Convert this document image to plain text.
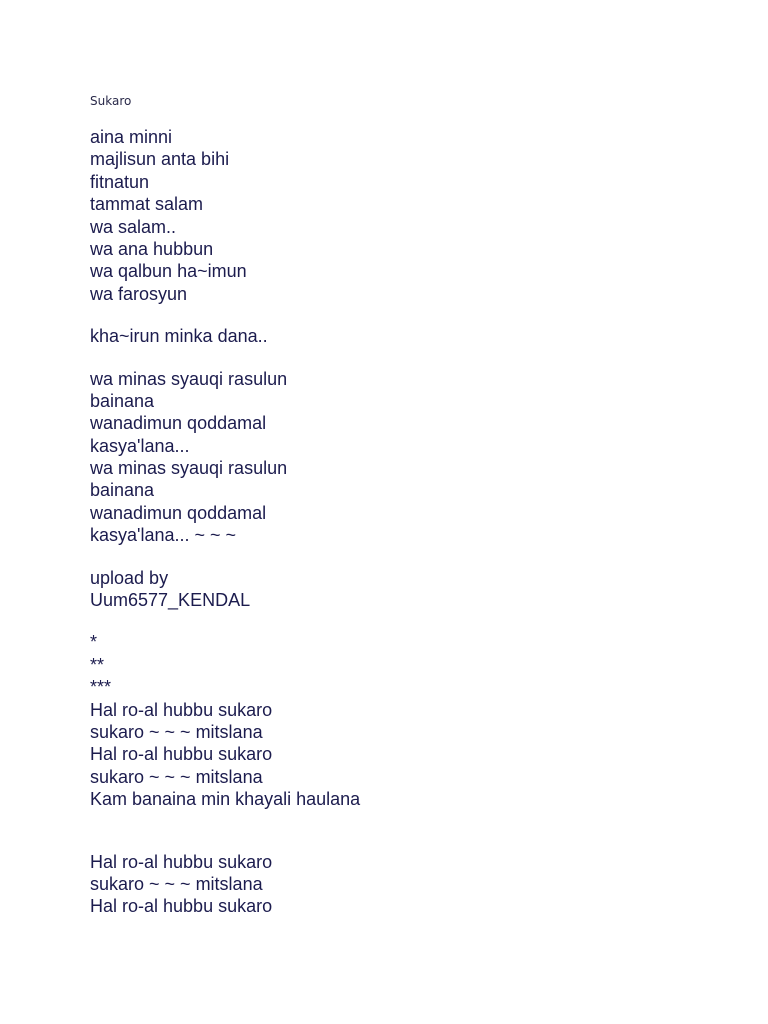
Sukaro

aina minni
majlisun anta bihi
fitnatun
tammat salam
wa salam..
wa ana hubbun
wa qalbun ha~imun
wa farosyun
kha~irun minka dana..
wa minas syauqi rasulun
bainana
wanadimun qoddamal
kasya'lana...
wa minas syauqi rasulun
bainana
wanadimun qoddamal
kasya'lana... ~ ~ ~
upload by
Uum6577_KENDAL
*
**
***
Hal ro-al hubbu sukaro
sukaro ~ ~ ~ mitslana
Hal ro-al hubbu sukaro
sukaro ~ ~ ~ mitslana
Kam banaina min khayali haulana
Hal ro-al hubbu sukaro
sukaro ~ ~ ~ mitslana
Hal ro-al hubbu sukaro
